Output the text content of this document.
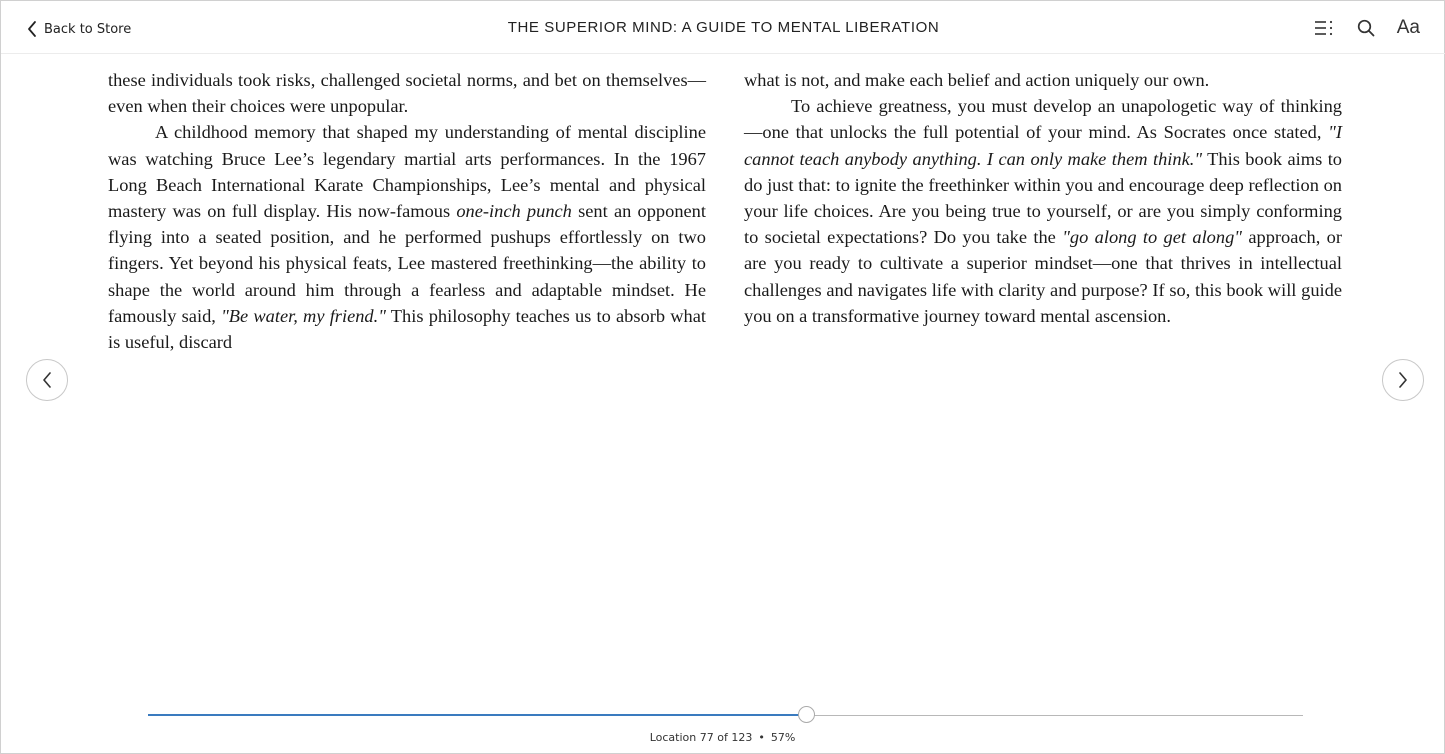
Back to Store	THE SUPERIOR MIND: A GUIDE TO MENTAL LIBERATION	Aa

these individuals took risks, challenged societal norms, and bet on themselves—even when their choices were unpopular.

A childhood memory that shaped my understanding of mental discipline was watching Bruce Lee’s legendary martial arts performances. In the 1967 Long Beach International Karate Championships, Lee’s mental and physical mastery was on full display. His now-famous one-inch punch sent an opponent flying into a seated position, and he performed pushups effortlessly on two fingers. Yet beyond his physical feats, Lee mastered freethinking—the ability to shape the world around him through a fearless and adaptable mindset. He famously said, "Be water, my friend." This philosophy teaches us to absorb what is useful, discard

what is not, and make each belief and action uniquely our own.

To achieve greatness, you must develop an unapologetic way of thinking—one that unlocks the full potential of your mind. As Socrates once stated, "I cannot teach anybody anything. I can only make them think." This book aims to do just that: to ignite the freethinker within you and encourage deep reflection on your life choices. Are you being true to yourself, or are you simply conforming to societal expectations? Do you take the "go along to get along" approach, or are you ready to cultivate a superior mindset—one that thrives in intellectual challenges and navigates life with clarity and purpose? If so, this book will guide you on a transformative journey toward mental ascension.

Location 77 of 123 • 57%
